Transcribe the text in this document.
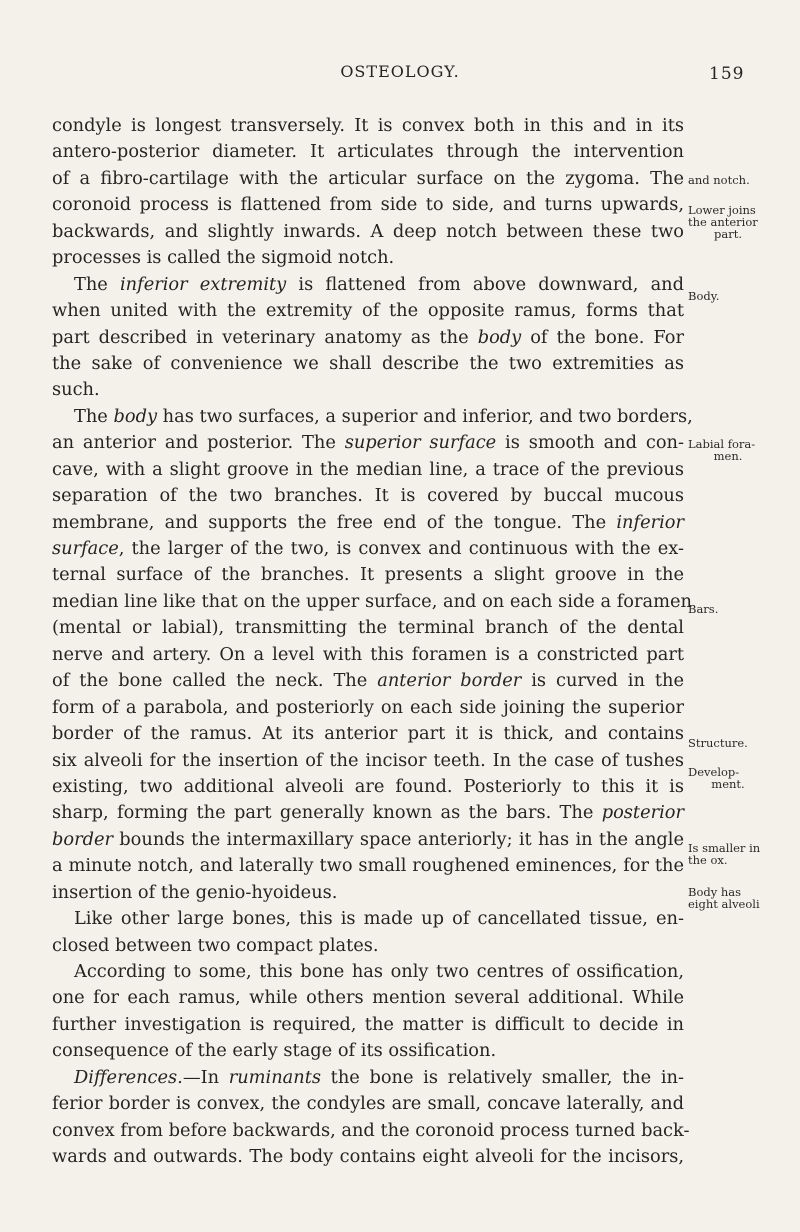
OSTEOLOGY.	159
condyle is longest transversely. It is convex both in this and in its
antero-posterior diameter. It articulates through the intervention
of a fibro-cartilage with the articular surface on the zygoma. The
coronoid process is flattened from side to side, and turns upwards,
backwards, and slightly inwards. A deep notch between these two
processes is called the sigmoid notch.
The inferior extremity is flattened from above downward, and
when united with the extremity of the opposite ramus, forms that
part described in veterinary anatomy as the body of the bone. For
the sake of convenience we shall describe the two extremities as
such.
The body has two surfaces, a superior and inferior, and two borders,
an anterior and posterior. The superior surface is smooth and con-
cave, with a slight groove in the median line, a trace of the previous
separation of the two branches. It is covered by buccal mucous
membrane, and supports the free end of the tongue. The inferior
surface, the larger of the two, is convex and continuous with the ex-
ternal surface of the branches. It presents a slight groove in the
median line like that on the upper surface, and on each side a foramen
(mental or labial), transmitting the terminal branch of the dental
nerve and artery. On a level with this foramen is a constricted part
of the bone called the neck. The anterior border is curved in the
form of a parabola, and posteriorly on each side joining the superior
border of the ramus. At its anterior part it is thick, and contains
six alveoli for the insertion of the incisor teeth. In the case of tushes
existing, two additional alveoli are found. Posteriorly to this it is
sharp, forming the part generally known as the bars. The posterior
border bounds the intermaxillary space anteriorly; it has in the angle
a minute notch, and laterally two small roughened eminences, for the
insertion of the genio-hyoideus.
Like other large bones, this is made up of cancellated tissue, en-
closed between two compact plates.
According to some, this bone has only two centres of ossification,
one for each ramus, while others mention several additional. While
further investigation is required, the matter is difficult to decide in
consequence of the early stage of its ossification.
Differences.—In ruminants the bone is relatively smaller, the in-
ferior border is convex, the condyles are small, concave laterally, and
convex from before backwards, and the coronoid process turned back-
wards and outwards. The body contains eight alveoli for the incisors,
and notch.
Lower joins
the anterior
part.
Body.
Labial fora-
men.
Bars.
Structure.
Develop-
ment.
Is smaller in
the ox.
Body has
eight alveoli
